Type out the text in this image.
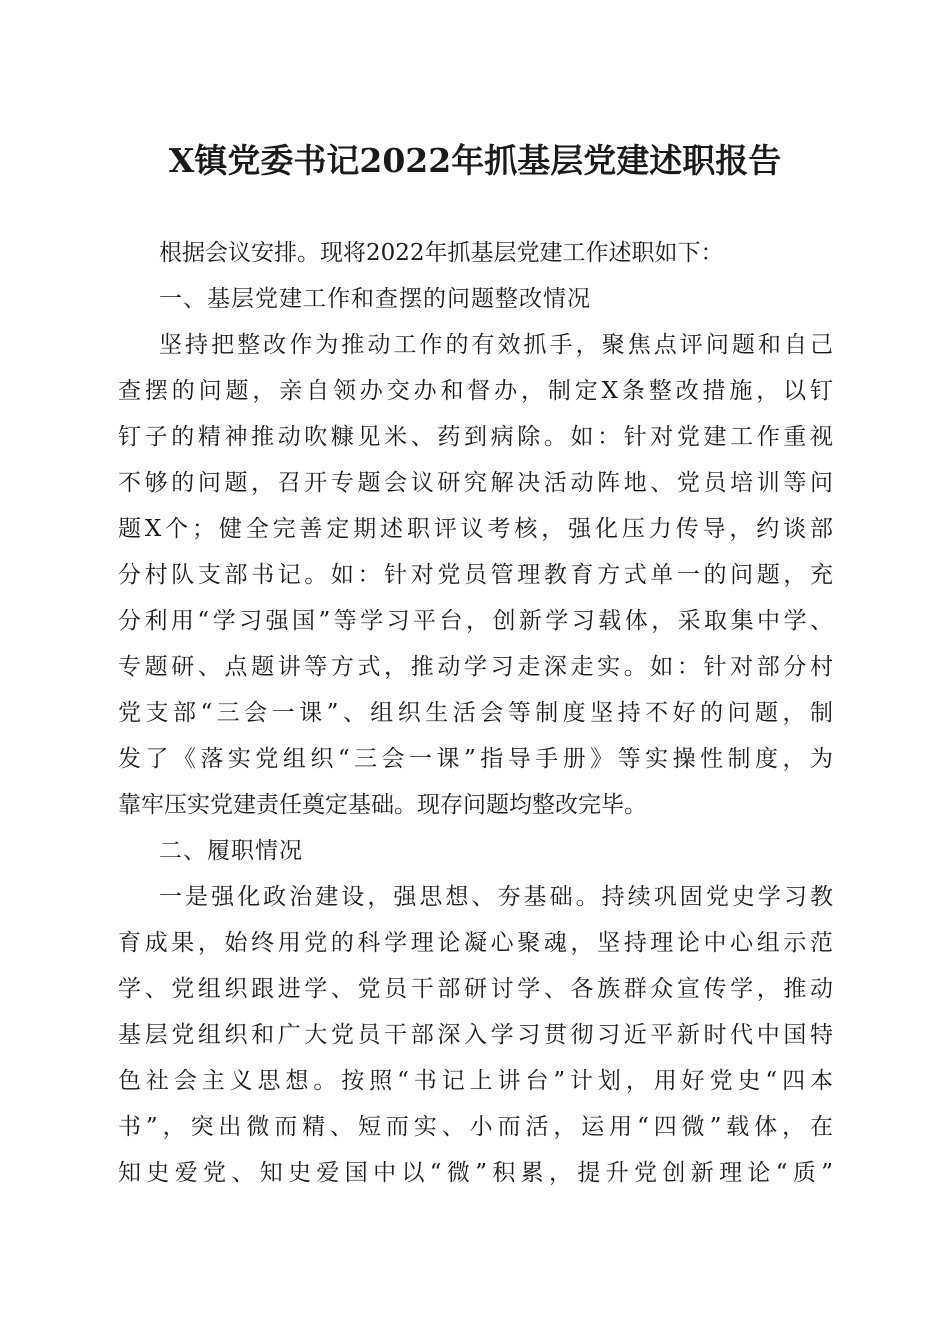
X镇党委书记2022年抓基层党建述职报告
根据会议安排。现将2022年抓基层党建工作述职如下：
一、基层党建工作和查摆的问题整改情况
坚持把整改作为推动工作的有效抓手，聚焦点评问题和自己
查摆的问题，亲自领办交办和督办，制定X条整改措施，以钉
钉子的精神推动吹糠见米、药到病除。如：针对党建工作重视
不够的问题，召开专题会议研究解决活动阵地、党员培训等问
题X个；健全完善定期述职评议考核，强化压力传导，约谈部
分村队支部书记。如：针对党员管理教育方式单一的问题，充
分利用“学习强国”等学习平台，创新学习载体，采取集中学、
专题研、点题讲等方式，推动学习走深走实。如：针对部分村
党支部“三会一课”、组织生活会等制度坚持不好的问题，制
发了《落实党组织“三会一课”指导手册》等实操性制度，为
靠牢压实党建责任奠定基础。现存问题均整改完毕。
二、履职情况
一是强化政治建设，强思想、夯基础。持续巩固党史学习教
育成果，始终用党的科学理论凝心聚魂，坚持理论中心组示范
学、党组织跟进学、党员干部研讨学、各族群众宣传学，推动
基层党组织和广大党员干部深入学习贯彻习近平新时代中国特
色社会主义思想。按照“书记上讲台”计划，用好党史“四本
书”，突出微而精、短而实、小而活，运用“四微”载体，在
知史爱党、知史爱国中以“微”积累，提升党创新理论“质”
